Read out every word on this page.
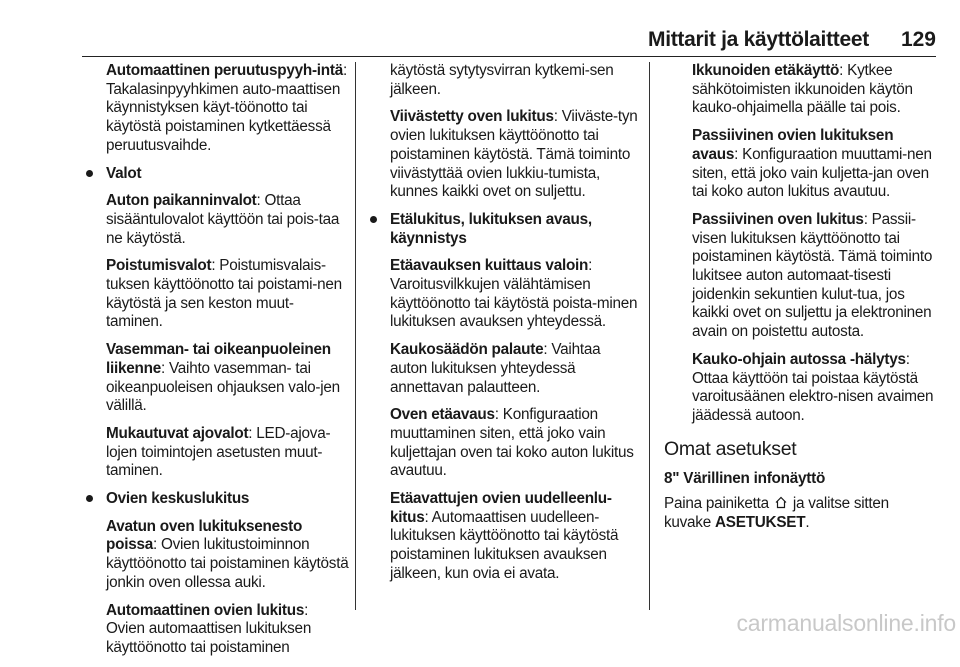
Mittarit ja käyttölaitteet 129

Automaattinen peruutuspyyh-intä: Takalasinpyyhkimen auto-maattisen käynnistyksen käyt-töönotto tai käytöstä poistaminen kytkettäessä peruutusvaihde.

Valot

Auton paikanninvalot: Ottaa sisääntulovalot käyttöön tai pois-taa ne käytöstä.

Poistumisvalot: Poistumisvalais-tuksen käyttöönotto tai poistami-nen käytöstä ja sen keston muut-taminen.

Vasemman- tai oikeanpuoleinen liikenne: Vaihto vasemman- tai oikeanpuoleisen ohjauksen valo-jen välillä.

Mukautuvat ajovalot: LED-ajova-lojen toimintojen asetusten muut-taminen.

Ovien keskuslukitus

Avatun oven lukituksenesto poissa: Ovien lukitustoiminnon käyttöönotto tai poistaminen käytöstä jonkin oven ollessa auki.

Automaattinen ovien lukitus: Ovien automaattisen lukituksen käyttöönotto tai poistaminen

käytöstä sytytysvirran kytkemi-sen jälkeen.

Viivästetty oven lukitus: Viiväste-tyn ovien lukituksen käyttöönotto tai poistaminen käytöstä. Tämä toiminto viivästyttää ovien lukkiu-tumista, kunnes kaikki ovet on suljettu.

Etälukitus, lukituksen avaus, käynnistys

Etäavauksen kuittaus valoin: Varoitusvilkkujen välähtämisen käyttöönotto tai käytöstä poista-minen lukituksen avauksen yhteydessä.

Kaukosäädön palaute: Vaihtaa auton lukituksen yhteydessä annettavan palautteen.

Oven etäavaus: Konfiguraation muuttaminen siten, että joko vain kuljettajan oven tai koko auton lukitus avautuu.

Etäavattujen ovien uudelleenlu-kitus: Automaattisen uudelleen-lukituksen käyttöönotto tai käytöstä poistaminen lukituksen avauksen jälkeen, kun ovia ei avata.

Ikkunoiden etäkäyttö: Kytkee sähkötoimisten ikkunoiden käytön kauko-ohjaimella päälle tai pois.

Passiivinen ovien lukituksen avaus: Konfiguraation muuttami-nen siten, että joko vain kuljetta-jan oven tai koko auton lukitus avautuu.

Passiivinen oven lukitus: Passii-visen lukituksen käyttöönotto tai poistaminen käytöstä. Tämä toiminto lukitsee auton automaat-tisesti joidenkin sekuntien kulut-tua, jos kaikki ovet on suljettu ja elektroninen avain on poistettu autosta.

Kauko-ohjain autossa -hälytys: Ottaa käyttöön tai poistaa käytöstä varoitusäänen elektro-nisen avaimen jäädessä autoon.

Omat asetukset
8" Värillinen infonäyttö

Paina painiketta ja valitse sitten kuvake ASETUKSET.

carmanualsonline.info
